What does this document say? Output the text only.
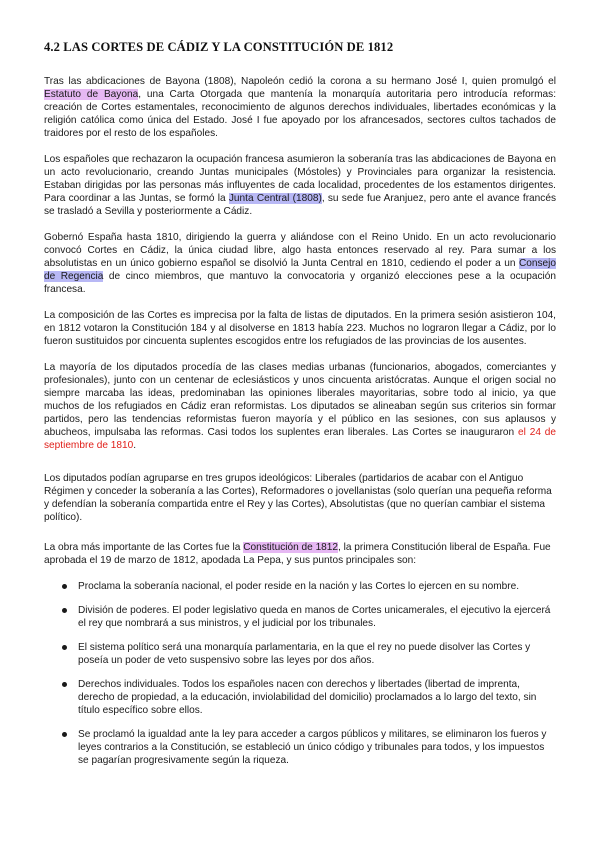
4.2 LAS CORTES DE CÁDIZ Y LA CONSTITUCIÓN DE 1812

Tras las abdicaciones de Bayona (1808), Napoleón cedió la corona a su hermano José I, quien promulgó el Estatuto de Bayona, una Carta Otorgada que mantenía la monarquía autoritaria pero introducía reformas: creación de Cortes estamentales, reconocimiento de algunos derechos individuales, libertades económicas y la religión católica como única del Estado. José I fue apoyado por los afrancesados, sectores cultos tachados de traidores por el resto de los españoles.

Los españoles que rechazaron la ocupación francesa asumieron la soberanía tras las abdicaciones de Bayona en un acto revolucionario, creando Juntas municipales (Móstoles) y Provinciales para organizar la resistencia. Estaban dirigidas por las personas más influyentes de cada localidad, procedentes de los estamentos dirigentes. Para coordinar a las Juntas, se formó la Junta Central (1808), su sede fue Aranjuez, pero ante el avance francés se trasladó a Sevilla y posteriormente a Cádiz.

Gobernó España hasta 1810, dirigiendo la guerra y aliándose con el Reino Unido. En un acto revolucionario convocó Cortes en Cádiz, la única ciudad libre, algo hasta entonces reservado al rey. Para sumar a los absolutistas en un único gobierno español se disolvió la Junta Central en 1810, cediendo el poder a un Consejo de Regencia de cinco miembros, que mantuvo la convocatoria y organizó elecciones pese a la ocupación francesa.

La composición de las Cortes es imprecisa por la falta de listas de diputados. En la primera sesión asistieron 104, en 1812 votaron la Constitución 184 y al disolverse en 1813 había 223. Muchos no lograron llegar a Cádiz, por lo fueron sustituidos por cincuenta suplentes escogidos entre los refugiados de las provincias de los ausentes.

La mayoría de los diputados procedía de las clases medias urbanas (funcionarios, abogados, comerciantes y profesionales), junto con un centenar de eclesiásticos y unos cincuenta aristócratas. Aunque el origen social no siempre marcaba las ideas, predominaban las opiniones liberales mayoritarias, sobre todo al inicio, ya que muchos de los refugiados en Cádiz eran reformistas. Los diputados se alineaban según sus criterios sin formar partidos, pero las tendencias reformistas fueron mayoría y el público en las sesiones, con sus aplausos y abucheos, impulsaba las reformas. Casi todos los suplentes eran liberales. Las Cortes se inauguraron el 24 de septiembre de 1810.

Los diputados podían agruparse en tres grupos ideológicos: Liberales (partidarios de acabar con el Antiguo Régimen y conceder la soberanía a las Cortes), Reformadores o jovellanistas (solo querían una pequeña reforma y defendían la soberanía compartida entre el Rey y las Cortes), Absolutistas (que no querían cambiar el sistema político).

La obra más importante de las Cortes fue la Constitución de 1812, la primera Constitución liberal de España. Fue aprobada el 19 de marzo de 1812, apodada La Pepa, y sus puntos principales son:

Proclama la soberanía nacional, el poder reside en la nación y las Cortes lo ejercen en su nombre.
División de poderes. El poder legislativo queda en manos de Cortes unicamerales, el ejecutivo la ejercerá el rey que nombrará a sus ministros, y el judicial por los tribunales.
El sistema político será una monarquía parlamentaria, en la que el rey no puede disolver las Cortes y poseía un poder de veto suspensivo sobre las leyes por dos años.
Derechos individuales. Todos los españoles nacen con derechos y libertades (libertad de imprenta, derecho de propiedad, a la educación, inviolabilidad del domicilio) proclamados a lo largo del texto, sin título específico sobre ellos.
Se proclamó la igualdad ante la ley para acceder a cargos públicos y militares, se eliminaron los fueros y leyes contrarios a la Constitución, se estableció un único código y tribunales para todos, y los impuestos se pagarían progresivamente según la riqueza.
